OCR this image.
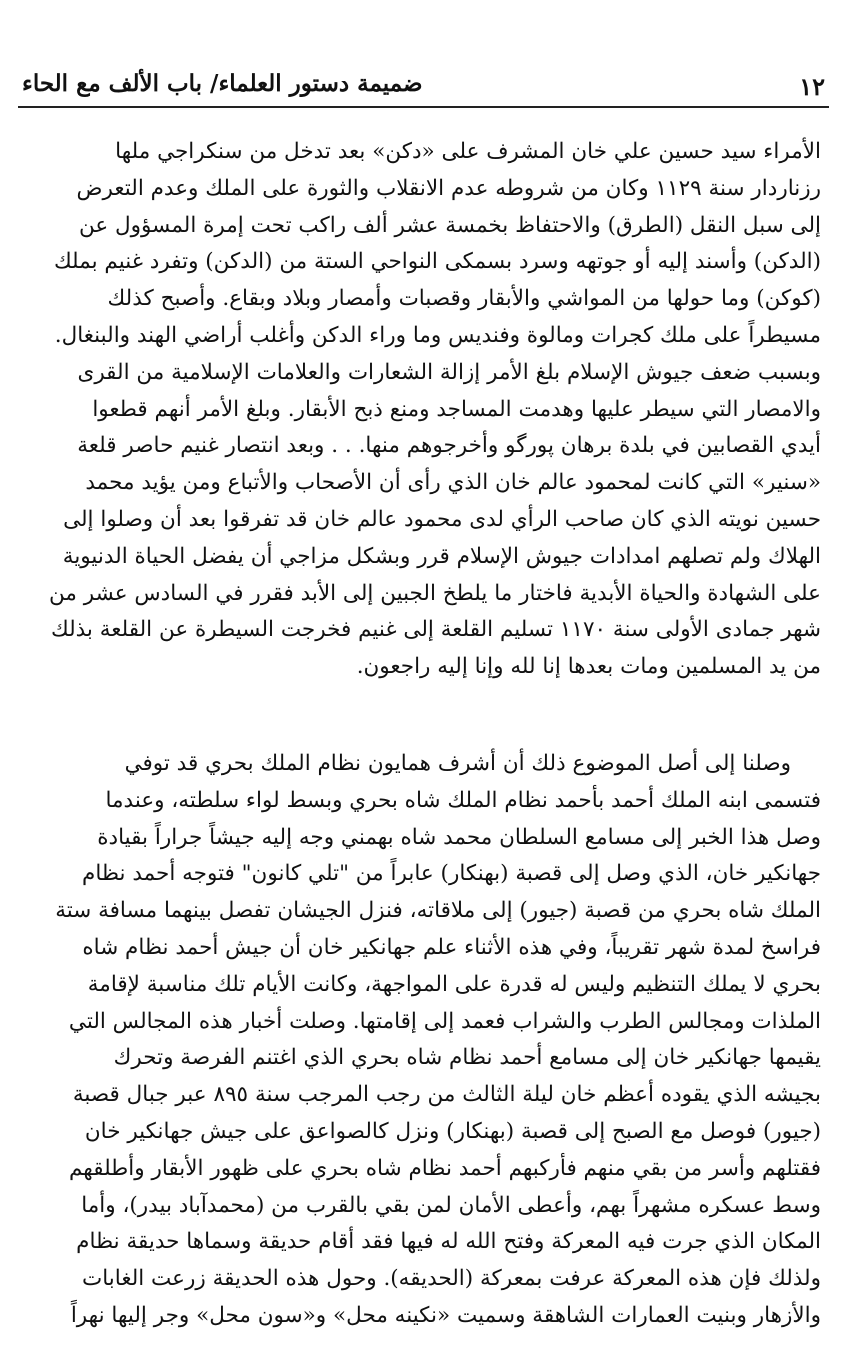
١٢
ضميمة دستور العلماء/ باب الألف مع الحاء
الأمراء سيد حسين علي خان المشرف على «دكن» بعد تدخل من سنكراجي ملها
رزناردار سنة ١١٢٩ وكان من شروطه عدم الانقلاب والثورة على الملك وعدم التعرض
إلى سبل النقل (الطرق) والاحتفاظ بخمسة عشر ألف راكب تحت إمرة المسؤول عن
(الدكن) وأسند إليه أو جوتهه وسرد بسمكى النواحي الستة من (الدكن) وتفرد غنيم بملك
(كوكن) وما حولها من المواشي والأبقار وقصبات وأمصار وبلاد وبقاع. وأصبح كذلك
مسيطراً على ملك كجرات ومالوة وفنديس وما وراء الدكن وأغلب أراضي الهند والبنغال.
وبسبب ضعف جيوش الإسلام بلغ الأمر إزالة الشعارات والعلامات الإسلامية من القرى
والامصار التي سيطر عليها وهدمت المساجد ومنع ذبح الأبقار. وبلغ الأمر أنهم قطعوا
أيدي القصابين في بلدة برهان پورگو وأخرجوهم منها. . . وبعد انتصار غنيم حاصر قلعة
«سنير» التي كانت لمحمود عالم خان الذي رأى أن الأصحاب والأتباع ومن يؤيد محمد
حسين نويته الذي كان صاحب الرأي لدى محمود عالم خان قد تفرقوا بعد أن وصلوا إلى
الهلاك ولم تصلهم امدادات جيوش الإسلام قرر وبشكل مزاجي أن يفضل الحياة الدنيوية
على الشهادة والحياة الأبدية فاختار ما يلطخ الجبين إلى الأبد فقرر في السادس عشر من
شهر جمادى الأولى سنة ١١٧٠ تسليم القلعة إلى غنيم فخرجت السيطرة عن القلعة بذلك
من يد المسلمين ومات بعدها إنا لله وإنا إليه راجعون.
وصلنا إلى أصل الموضوع ذلك أن أشرف همايون نظام الملك بحري قد توفي
فتسمى ابنه الملك أحمد بأحمد نظام الملك شاه بحري وبسط لواء سلطته، وعندما
وصل هذا الخبر إلى مسامع السلطان محمد شاه بهمني وجه إليه جيشاً جراراً بقيادة
جهانكير خان، الذي وصل إلى قصبة (بهنكار) عابراً من "تلي كانون" فتوجه أحمد نظام
الملك شاه بحري من قصبة (جيور) إلى ملاقاته، فنزل الجيشان تفصل بينهما مسافة ستة
فراسخ لمدة شهر تقريباً، وفي هذه الأثناء علم جهانكير خان أن جيش أحمد نظام شاه
بحري لا يملك التنظيم وليس له قدرة على المواجهة، وكانت الأيام تلك مناسبة لإقامة
الملذات ومجالس الطرب والشراب فعمد إلى إقامتها. وصلت أخبار هذه المجالس التي
يقيمها جهانكير خان إلى مسامع أحمد نظام شاه بحري الذي اغتنم الفرصة وتحرك
بجيشه الذي يقوده أعظم خان ليلة الثالث من رجب المرجب سنة ٨٩٥ عبر جبال قصبة
(جيور) فوصل مع الصبح إلى قصبة (بهنكار) ونزل كالصواعق على جيش جهانكير خان
فقتلهم وأسر من بقي منهم فأركبهم أحمد نظام شاه بحري على ظهور الأبقار وأطلقهم
وسط عسكره مشهراً بهم، وأعطى الأمان لمن بقي بالقرب من (محمدآباد بيدر)، وأما
المكان الذي جرت فيه المعركة وفتح الله له فيها فقد أقام حديقة وسماها حديقة نظام
ولذلك فإن هذه المعركة عرفت بمعركة (الحديقه). وحول هذه الحديقة زرعت الغابات
والأزهار وبنيت العمارات الشاهقة وسميت «نكينه محل» و«سون محل» وجر إليها نهراً
